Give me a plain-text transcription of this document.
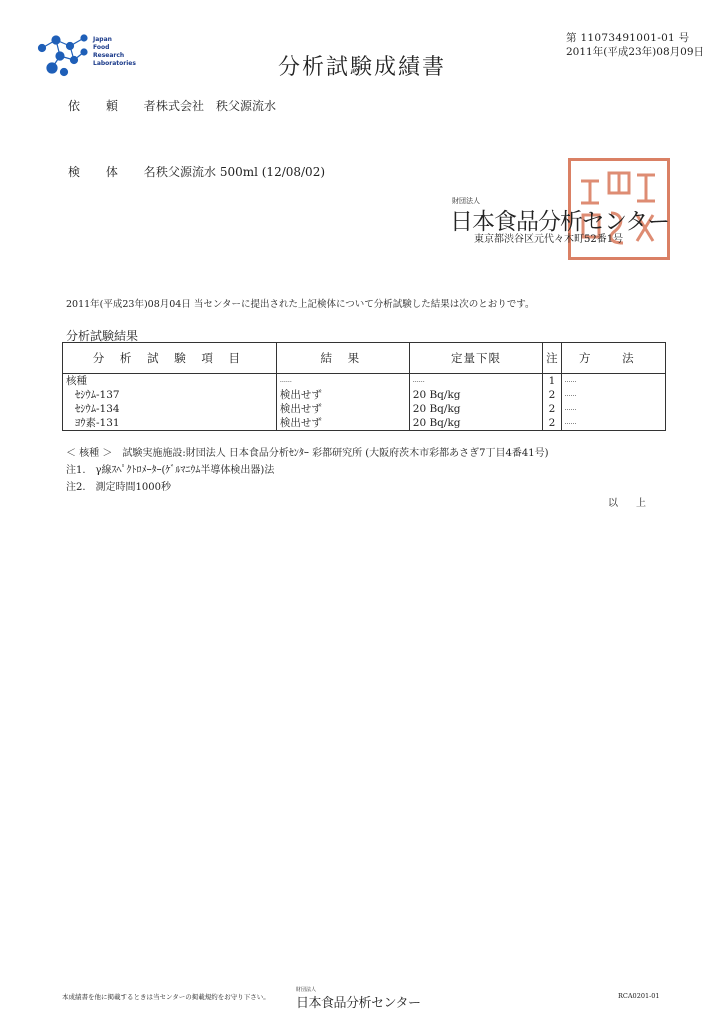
Japan
Food
Research
Laboratories
第 11073491001-01 号
2011年(平成23年)08月09日
分析試験成績書
依 頼 者
株式会社　秩父源流水
検 体 名
秩父源流水 500ml (12/08/02)
財団法人
日本食品分析センター
東京都渋谷区元代々木町52番1号
2011年(平成23年)08月04日 当センターに提出された上記検体について分析試験した結果は次のとおりです。
分析試験結果
分 析 試 験 項 目	結 果	定量下限	注	方 法
核種	……	……	1	……
ｾｼｳﾑ-137	検出せず	20 Bq/kg	2	……
ｾｼｳﾑ-134	検出せず	20 Bq/kg	2	……
ﾖｳ素-131	検出せず	20 Bq/kg	2	……
＜ 核種 ＞　試験実施施設:財団法人 日本食品分析ｾﾝﾀｰ 彩都研究所 (大阪府茨木市彩都あさぎ7丁目4番41号)
注1.　γ線ｽﾍﾟｸﾄﾛﾒｰﾀｰ(ｹﾞﾙﾏﾆｳﾑ半導体検出器)法
注2.　測定時間1000秒
以上
本成績書を他に掲載するときは当センターの掲載規約をお守り下さい。
財団法人
日本食品分析センター	RCA0201-01
